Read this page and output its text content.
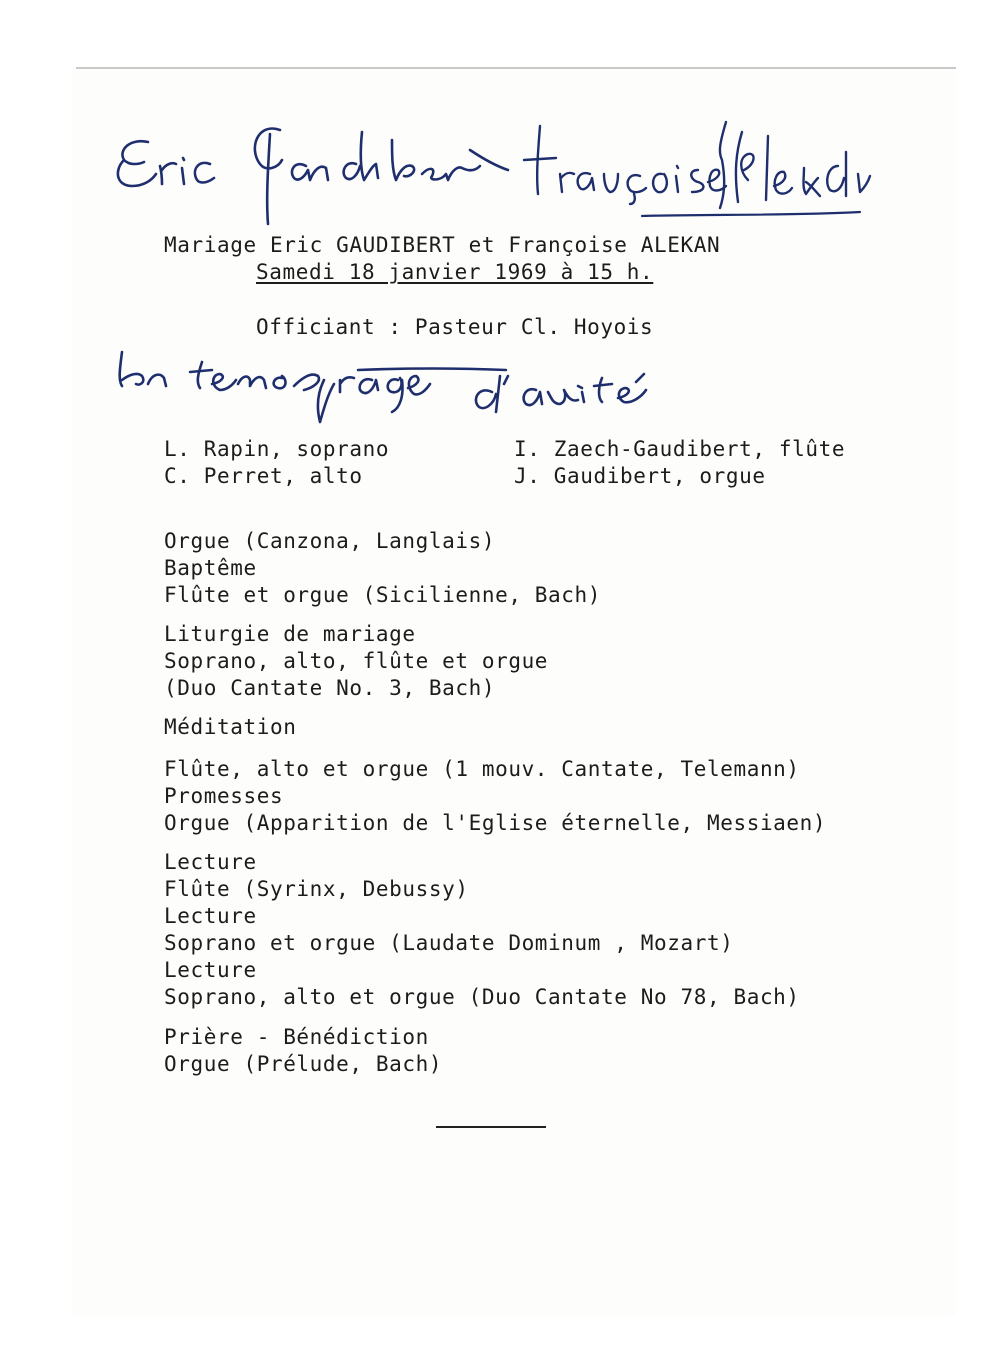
Mariage Eric GAUDIBERT et Françoise ALEKAN
Samedi 18 janvier 1969 à 15 h.
Officiant : Pasteur Cl. Hoyois
L. Rapin, soprano
C. Perret, alto
I. Zaech-Gaudibert, flûte
J. Gaudibert, orgue
Orgue (Canzona, Langlais)
Baptême
Flûte et orgue (Sicilienne, Bach)
Liturgie de mariage
Soprano, alto, flûte et orgue
(Duo Cantate No. 3, Bach)
Méditation
Flûte, alto et orgue (1 mouv. Cantate, Telemann)
Promesses
Orgue (Apparition de l'Eglise éternelle, Messiaen)
Lecture
Flûte (Syrinx, Debussy)
Lecture
Soprano et orgue (Laudate Dominum , Mozart)
Lecture
Soprano, alto et orgue (Duo Cantate No 78, Bach)
Prière - Bénédiction
Orgue (Prélude, Bach)
